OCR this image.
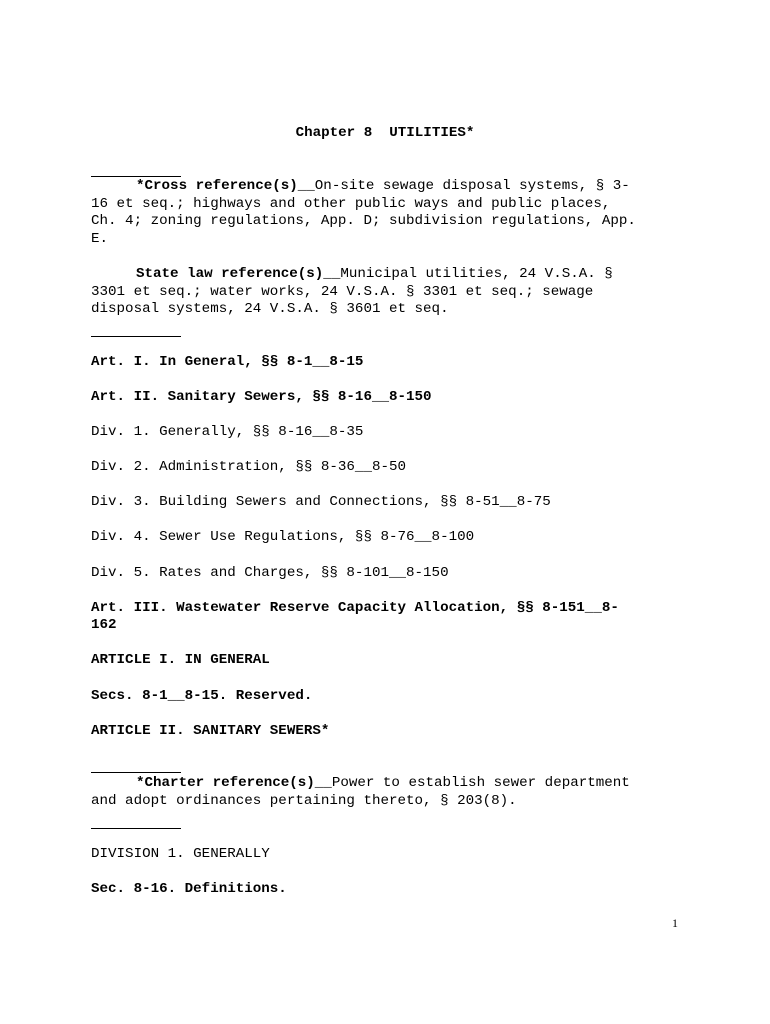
Chapter 8  UTILITIES*
*Cross reference(s)__On-site sewage disposal systems, § 3-
16 et seq.; highways and other public ways and public places,
Ch. 4; zoning regulations, App. D; subdivision regulations, App.
E.
State law reference(s)__Municipal utilities, 24 V.S.A. §
3301 et seq.; water works, 24 V.S.A. § 3301 et seq.; sewage
disposal systems, 24 V.S.A. § 3601 et seq.
Art. I. In General, §§ 8-1__8-15
Art. II. Sanitary Sewers, §§ 8-16__8-150
Div. 1. Generally, §§ 8-16__8-35
Div. 2. Administration, §§ 8-36__8-50
Div. 3. Building Sewers and Connections, §§ 8-51__8-75
Div. 4. Sewer Use Regulations, §§ 8-76__8-100
Div. 5. Rates and Charges, §§ 8-101__8-150
Art. III. Wastewater Reserve Capacity Allocation, §§ 8-151__8-
162
ARTICLE I. IN GENERAL
Secs. 8-1__8-15. Reserved.
ARTICLE II. SANITARY SEWERS*
*Charter reference(s)__Power to establish sewer department
and adopt ordinances pertaining thereto, § 203(8).
DIVISION 1. GENERALLY
Sec. 8-16. Definitions.
1
